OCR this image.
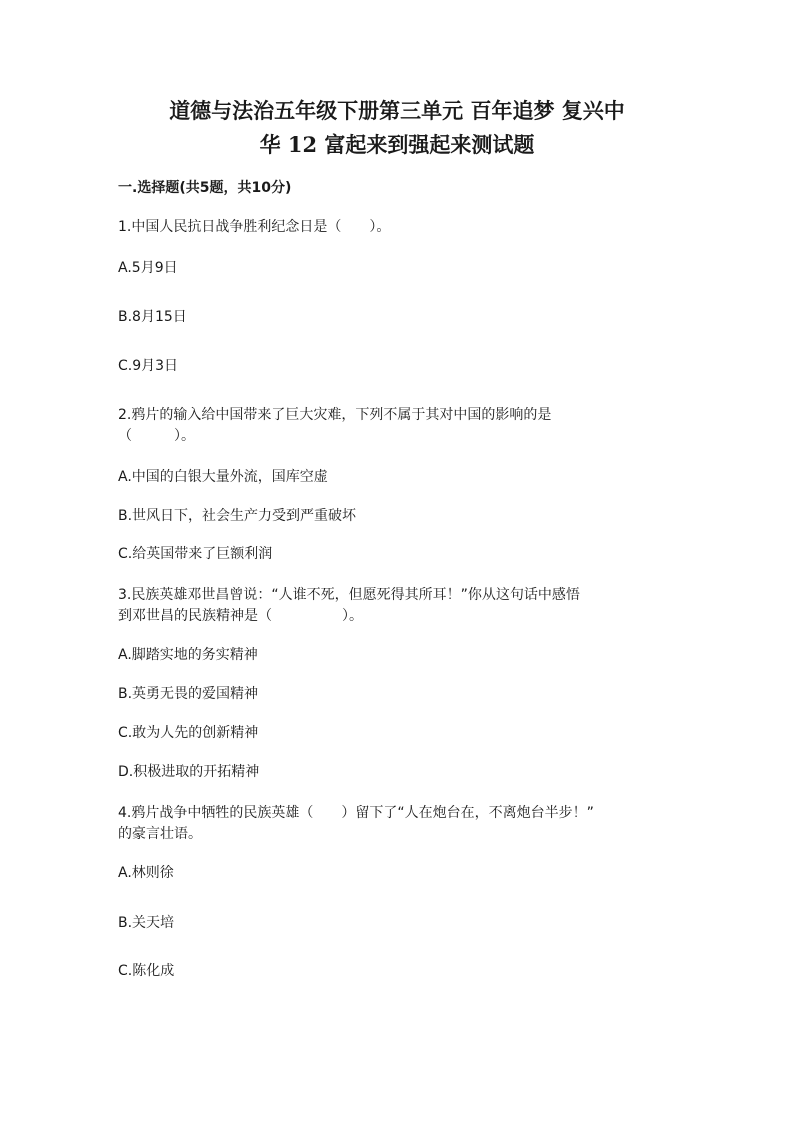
道德与法治五年级下册第三单元 百年追梦 复兴中
华 12 富起来到强起来测试题

一.选择题(共5题，共10分)

1.中国人民抗日战争胜利纪念日是（　　）。

A.5月9日

B.8月15日

C.9月3日

2.鸦片的输入给中国带来了巨大灾难，下列不属于其对中国的影响的是

（　　　）。

A.中国的白银大量外流，国库空虚

B.世风日下，社会生产力受到严重破坏

C.给英国带来了巨额利润

3.民族英雄邓世昌曾说：“人谁不死，但愿死得其所耳！”你从这句话中感悟

到邓世昌的民族精神是（　　　　　）。

A.脚踏实地的务实精神

B.英勇无畏的爱国精神

C.敢为人先的创新精神

D.积极进取的开拓精神

4.鸦片战争中牺牲的民族英雄（　　）留下了“人在炮台在，不离炮台半步！”

的豪言壮语。

A.林则徐

B.关天培

C.陈化成
